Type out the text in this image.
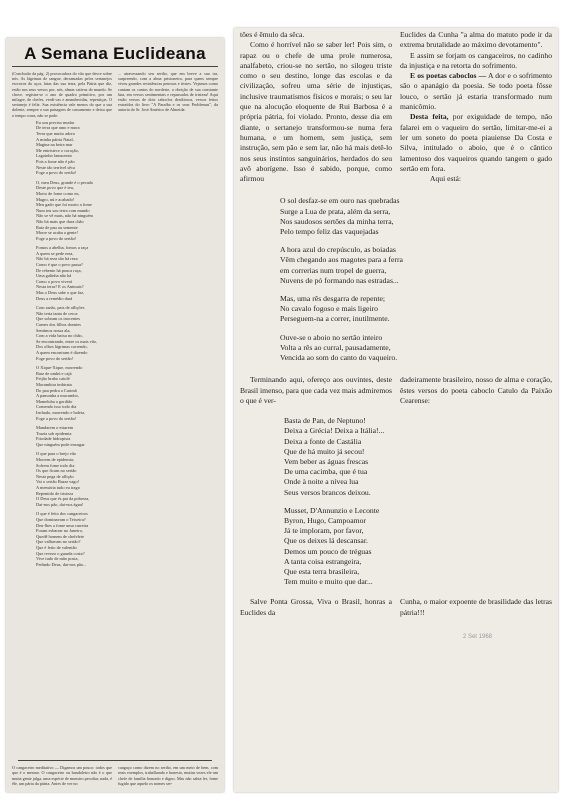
A Semana Euclideana
(Conclusão da pág. 2) provocadora do vão que desce sobre nós. As lágrimas de sangue, derramadas pelos sertanejos escravos do açor, lutas das sua terra, pela Pátria que diz, estão nos seus versos por, nós, almas cativas do mundo. Se chove, registra-se o ano de quadro primitivo, por um milagre, de chefes, verdi-cas e amanhecidas, repentiças. O sertanejo é feliz. Sua existência vale menos do que a sua dolente, sempre a sua paisagem de cassamento e deixa que o tempo corra, não se pode.
... atravessando seu sertão, que em breve a sua ira, surpreendo, com a alma prisioneira, para quem sempre viveu grandes resistências penosas e tristes. Vejamos como cantam os cantos do nordeste, a obrição de sua constante luta, em versos sentimentais e repassados de tristeza! Aqui estão versos de dois caboclos desditosos, versos feitos extraídos do livro "A Paraíba e os seus Problemas", da autoria do Sr. José Américo de Almeida:
Eu sou preciso mudar
De terra que amo e mora
Terra que muito adoro
A minha pátria Natal,
Magina na beira mar
Me entristece o coração,
Lagoinho lamacento
Pois a fome não é pão
Neste tão terrível sêca
Foge a povo do sertão!
O, meu Deus, grande é o pecado
Deste povo que é teu,
Morto de fome como eu,
Magro, nú e acabado!
Meu gado que foi morto a fome
Num teu sou terra com mundo
Não se vê mais, não há ninguém
Não há mais que dura chão
Raiz de pau ou semente
Morre se acaba a gente!
Foge a povo do sertão!
Fomos a abelha, fomos a raça
A quem se pede reza,
Não há reza são há reza
Como é que o povo passa?
De rebento há pouca raça,
Uma galinha não há
Como o povo viverá
Nesta terra? E os Animais?
Mas o Deus sabe o que faz,
Deus a remédio dará
Com razão, pais de aflições
Não teria tanta de cerca
Que sobram os inocentes
Carnes dos filhos doentes
Sentimos nossa ala,
Com a vida baixa no chão,
Se encontrando, entre os mais vão,
Dos olhos lágrimas correndo,
A quem encontram é dizendo
Foge povo do sertão!
O Xique-Xique, morrendo
Raiz de umbú e cajá
Feijão brabo catolé
Macambira imbirata
Do pau pedra a Carimã
A pamonha a mucumbo,
Mameluba a gordião
Comendo isso todo dia
Inchado, morrendo e baleia,
Foge a povo do sertão!
Mandarem o estarem
Trazia sob epidemia
Friodade hidropisia
Que ninguém pode enxugar.
O que para o brejo vão
Morrem de epidemia;
Sofrem fome todo dia
Os que ficam no sertão
Nesta pega de aflição
Vai o sertão Bazar vago!
A memória tudo eu trago
Repentido de tristeza
O Deus que és pai da pobreza,
Dai-nos pão, dai-nos água!
O que é feito dos cangaceiros
Que dominavam o Teixeira?
Deu-lhes a fome uma carreira
Foram esbarrar no Janeiro,
Quedê homem de chefelete
Que valhavam no sertão?
Que é feito de valentão
Que revezo o guarda costa?
Vive tudo de mão posta,
Pedindo Deus, dai-nos pão...
O cangaceiro meditativo — Digamos um pouco: todos que que é o mesmo. O cangaceiro ou bandoleiro não é o que muita gente julga, uma espécie de monstro peculiar, nada, é êle, um pária da pátria. Antes de ver no
cangaço como dizem no sertão, em um meio de bem, com reais exemplos, trabalhando e honesto, muitas vezes ele um chefe de família honrado e digno. Mas não sabia ler, fome fugido que aquelo os nomes ser-

tões é êmulo da sêca.

Como é horrível não se saber ler! Pois sim, o rapaz ou o chefe de uma prole numerosa, analfabeto, criou-se no sertão, no silogeu triste como o seu destino, longe das escolas e da civilização, sofreu uma série de injustiças, inclusive traumatismos físicos e morais; o seu lar que na alocução eloquente de Rui Barbosa é a própria pátria, foi violado. Pronto, desse dia em diante, o sertanejo transformou-se numa fera humana, e um homem, sem justiça, sem instrução, sem pão e sem lar, não há mais detê-lo nos seus instintos sanguinários, herdados do seu avô aborígene. Isso é sabido, porque, como afirmou

Euclides da Cunha "a alma do matuto pode ir da extrema brutalidade ao máximo devotamento".

E assim se forjam os cangaceiros, no cadinho da injustiça e na retorta do sofrimento.

E os poetas caboclos — A dor e o sofrimento são o apanágio da poesia. Se todo poeta fôsse louco, o sertão já estaria transformado num manicômio.

Desta feita, por exiguidade de tempo, não falarei em o vaqueiro do sertão, limitar-me-ei a ler um soneto do poeta piauiense Da Costa e Silva, intitulado o aboio, que é o cântico lamentoso dos vaqueiros quando tangem o gado sertão em fora.

Aqui está:

O sol desfaz-se em ouro nas quebradas
Surge a Lua de prata, além da serra,
Nos saudosos sertões da minha terra,
Pelo tempo feliz das vaquejadas
A hora azul do crepúsculo, as boiadas
Vêm chegando aos magotes para a ferra
em correrias num tropel de guerra,
Nuvens de pó formando nas estradas...
Mas, uma rês desgarra de repente;
No cavalo fogoso e mais ligeiro
Perseguem-na a correr, inutilmente.
Ouve-se o aboio no sertão inteiro
Volta a rês ao curral, pausadamente,
Vencida ao som do canto do vaqueiro.

Terminando aqui, ofereço aos ouvintes, deste Brasil imenso, para que cada vez mais admiremos o que é ver-

dadeiramente brasileiro, nosso de alma e coração, êstes versos do poeta caboclo Catulo da Paixão Cearense:

Basta de Pan, de Neptuno!
Deixa a Grécia! Deixa a Itália!...
Deixa a fonte de Castália
Que de há muito já secou!
Vem beber as águas frescas
De uma cacimba, que é tua
Onde à noite a nívea lua
Seus versos brancos deixou.
Musset, D'Annunzio e Leconte
Byron, Hugo, Campoamor
Já te imploram, por favor,
Que os deixes lá descansar.
Demos um pouco de tréguas
A tanta coisa estrangeira,
Que esta terra brasileira,
Tem muito e muito que dar...

Salve Ponta Grossa, Viva o Brasil, honras a Euclides da

Cunha, o maior expoente de brasilidade das letras pátria!!!

2 Set 1968
